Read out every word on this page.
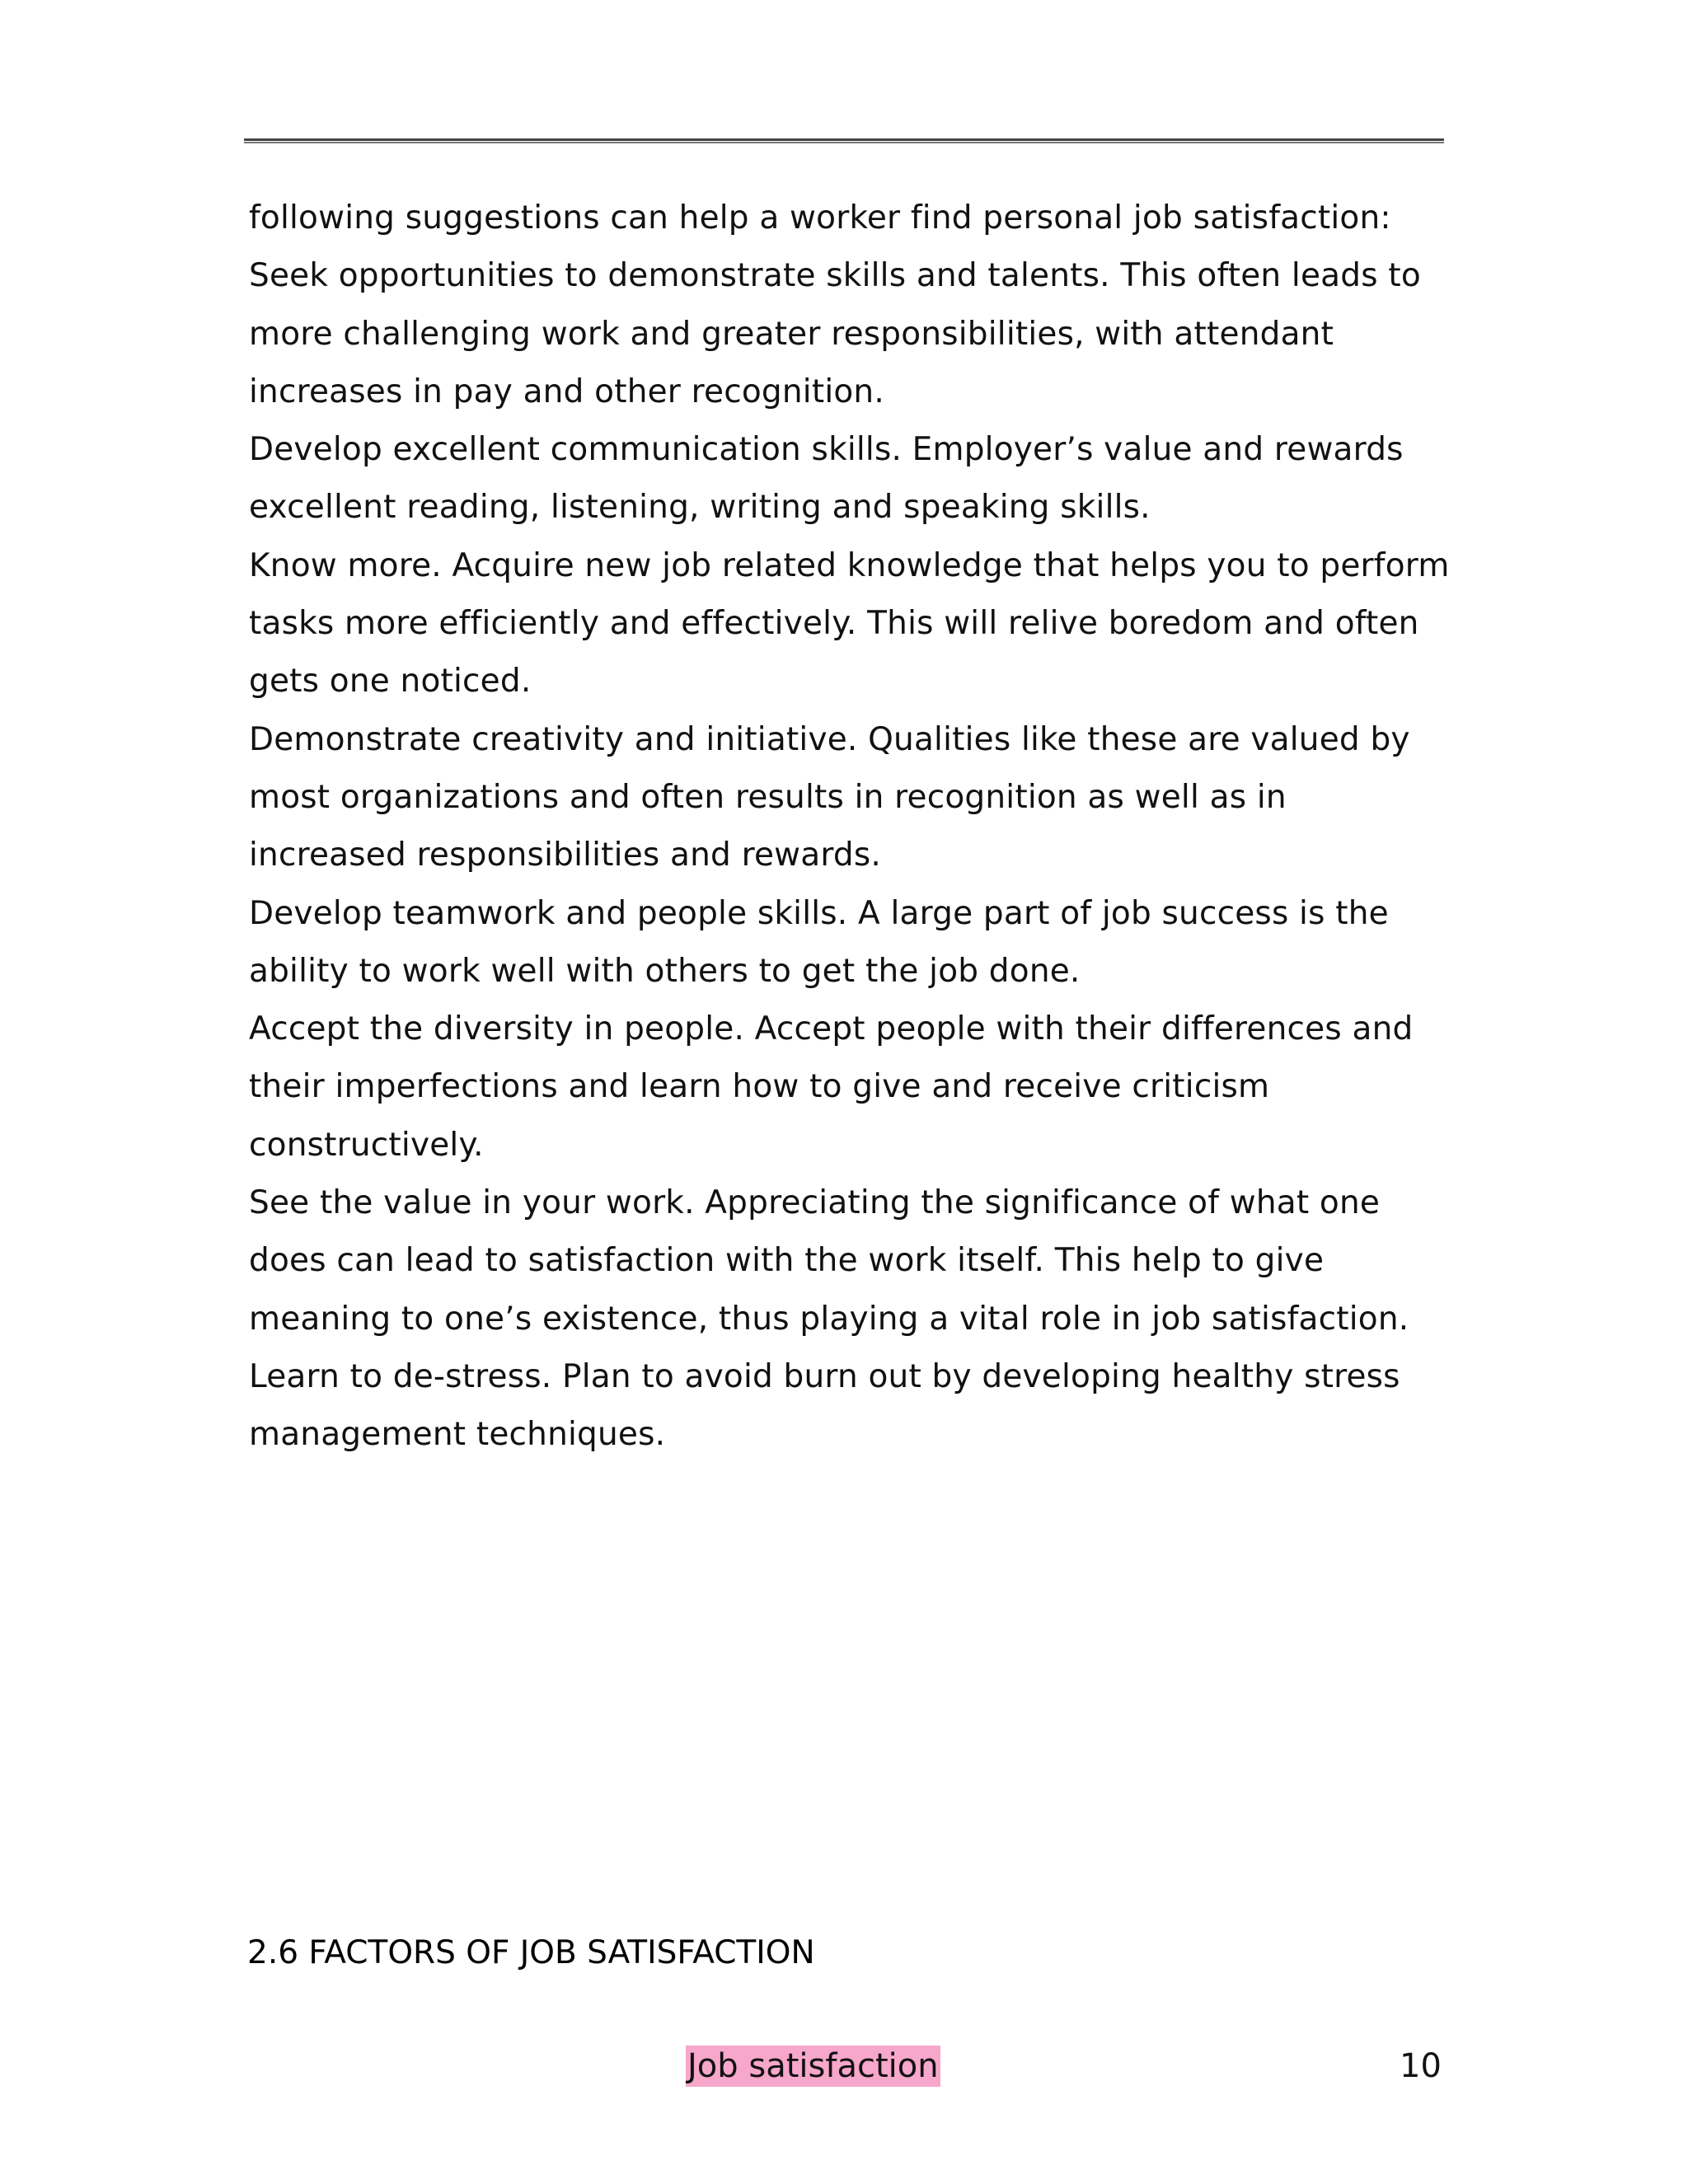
following suggestions can help a worker find personal job satisfaction:
Seek opportunities to demonstrate skills and talents. This often leads to
more challenging work and greater responsibilities, with attendant
increases in pay and other recognition.
Develop excellent communication skills. Employer’s value and rewards
excellent reading, listening, writing and speaking skills.
Know more. Acquire new job related knowledge that helps you to perform
tasks more efficiently and effectively. This will relive boredom and often
gets one noticed.
Demonstrate creativity and initiative. Qualities like these are valued by
most organizations and often results in recognition as well as in
increased responsibilities and rewards.
Develop teamwork and people skills. A large part of job success is the
ability to work well with others to get the job done.
Accept the diversity in people. Accept people with their differences and
their imperfections and learn how to give and receive criticism
constructively.
See the value in your work. Appreciating the significance of what one
does can lead to satisfaction with the work itself. This help to give
meaning to one’s existence, thus playing a vital role in job satisfaction.
Learn to de-stress. Plan to avoid burn out by developing healthy stress
management techniques.
2.6 FACTORS OF JOB SATISFACTION
Job satisfaction	10
